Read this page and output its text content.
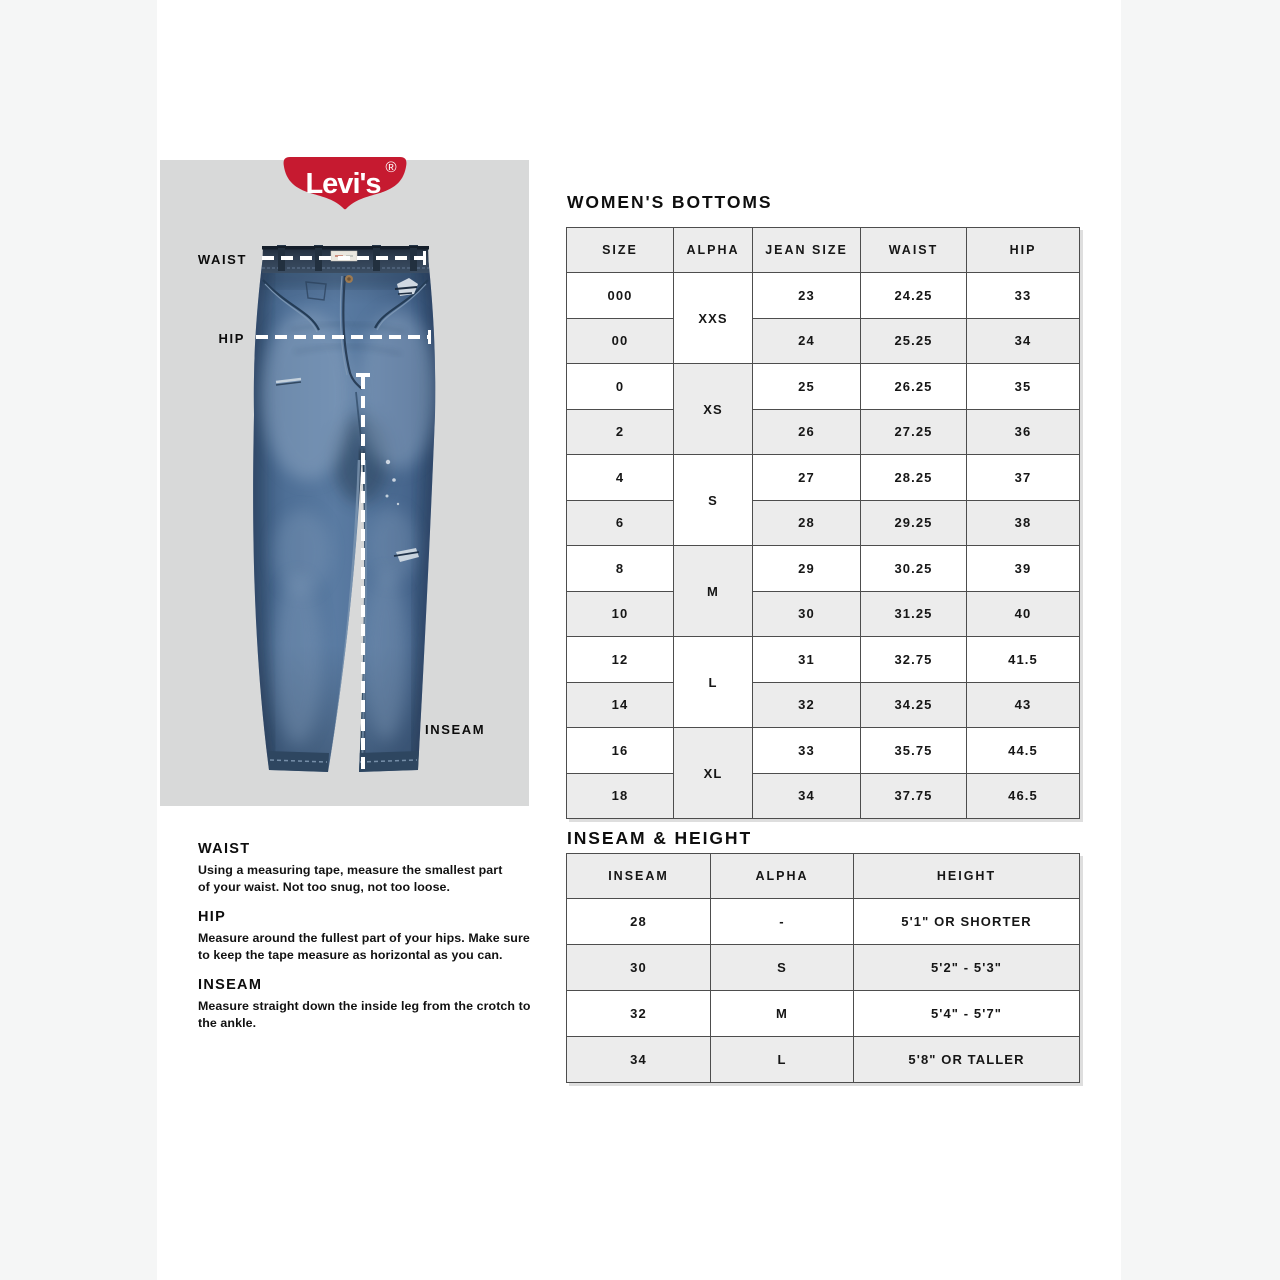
Levi's
®
WAIST
HIP
INSEAM
WOMEN'S BOTTOMS
SIZE	ALPHA	JEAN SIZE	WAIST	HIP
000	XXS	23	24.25	33
00		24	25.25	34
0	XS	25	26.25	35
2		26	27.25	36
4	S	27	28.25	37
6		28	29.25	38
8	M	29	30.25	39
10		30	31.25	40
12	L	31	32.75	41.5
14		32	34.25	43
16	XL	33	35.75	44.5
18		34	37.75	46.5
WAIST

Using a measuring tape, measure the smallest part

of your waist. Not too snug, not too loose.

HIP

Measure around the fullest part of your hips. Make sure

to keep the tape measure as horizontal as you can.

INSEAM

Measure straight down the inside leg from the crotch to

the ankle.

INSEAM & HEIGHT
INSEAM	ALPHA	HEIGHT
28	-	5'1" OR SHORTER
30	S	5'2" - 5'3"
32	M	5'4" - 5'7"
34	L	5'8" OR TALLER
